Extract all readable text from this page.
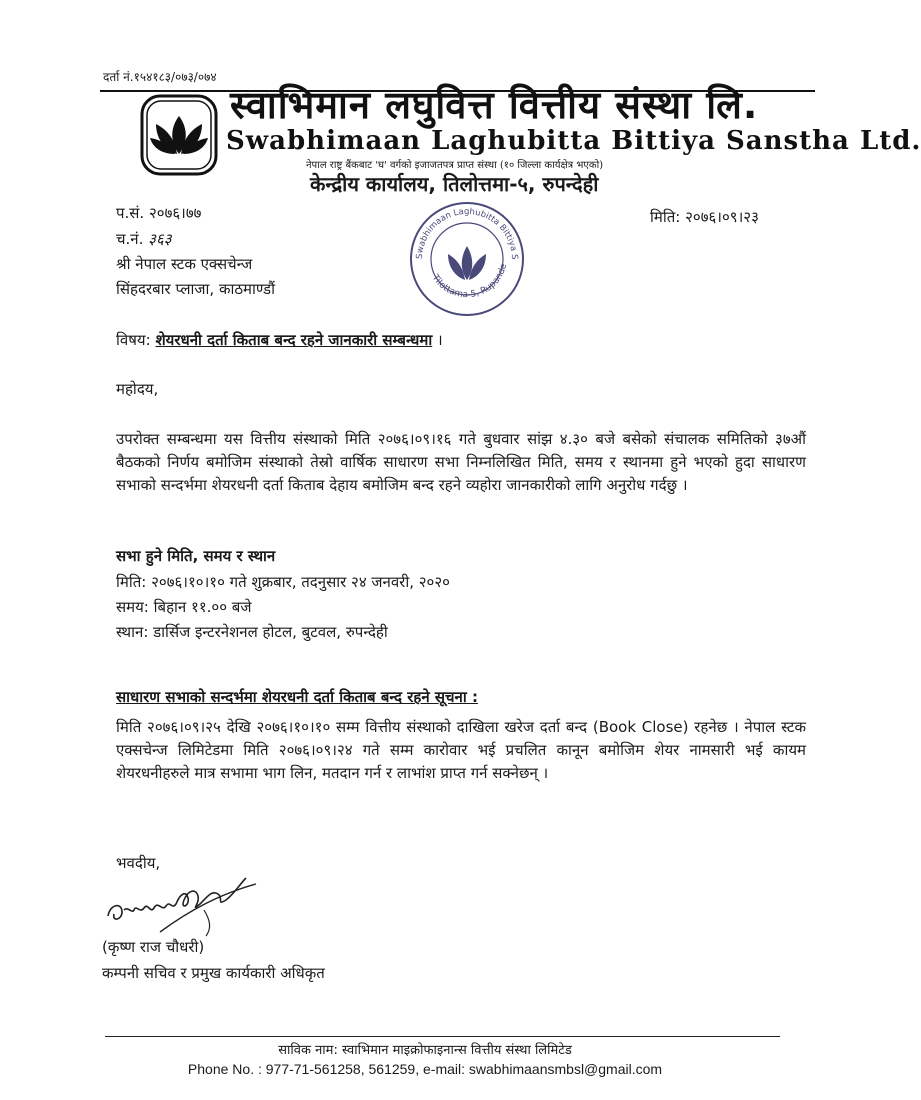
दर्ता नं.१५४१८३/०७३/०७४
स्वाभिमान लघुवित्त वित्तीय संस्था लि.
Swabhimaan Laghubitta Bittiya Sanstha Ltd.
नेपाल राष्ट्र बैंकबाट 'घ' वर्गको इजाजतपत्र प्राप्त संस्था (१० जिल्ला कार्यक्षेत्र भएको)
केन्द्रीय कार्यालय, तिलोत्तमा-५, रुपन्देही
प.सं. २०७६।७७
च.नं. ३६३
मिति: २०७६।०९।२३
श्री नेपाल स्टक एक्सचेन्ज
सिंहदरबार प्लाजा, काठमाण्डौं
Swabhimaan Laghubitta Bittiya S
Tilottama-5, Rupande
विषय: शेयरधनी दर्ता किताब बन्द रहने जानकारी सम्बन्धमा ।
महोदय,
उपरोक्त सम्बन्धमा यस वित्तीय संस्थाको मिति २०७६।०९।१६ गते बुधवार सांझ ४.३० बजे बसेको संचालक समितिको ३७औं बैठकको निर्णय बमोजिम संस्थाको तेस्रो वार्षिक साधारण सभा निम्नलिखित मिति, समय र स्थानमा हुने भएको हुदा साधारण सभाको सन्दर्भमा शेयरधनी दर्ता किताब देहाय बमोजिम बन्द रहने व्यहोरा जानकारीको लागि अनुरोध गर्दछु ।
सभा हुने मिति, समय र स्थान
मिति: २०७६।१०।१० गते शुक्रबार, तदनुसार २४ जनवरी, २०२०
समय: बिहान ११.०० बजे
स्थान: डार्सिज इन्टरनेशनल होटल, बुटवल, रुपन्देही
साधारण सभाको सन्दर्भमा शेयरधनी दर्ता किताब बन्द रहने सूचना :
मिति २०७६।०९।२५ देखि २०७६।१०।१० सम्म वित्तीय संस्थाको दाखिला खरेज दर्ता बन्द (Book Close) रहनेछ । नेपाल स्टक एक्सचेन्ज लिमिटेडमा मिति २०७६।०९।२४ गते सम्म कारोवार भई प्रचलित कानून बमोजिम शेयर नामसारी भई कायम शेयरधनीहरुले मात्र सभामा भाग लिन, मतदान गर्न र लाभांश प्राप्त गर्न सक्नेछन् ।
भवदीय,
(कृष्ण राज चौधरी)
कम्पनी सचिव र प्रमुख कार्यकारी अधिकृत
साविक नाम: स्वाभिमान माइक्रोफाइनान्स वित्तीय संस्था लिमिटेड
Phone No. : 977-71-561258, 561259, e-mail: swabhimaansmbsl@gmail.com
